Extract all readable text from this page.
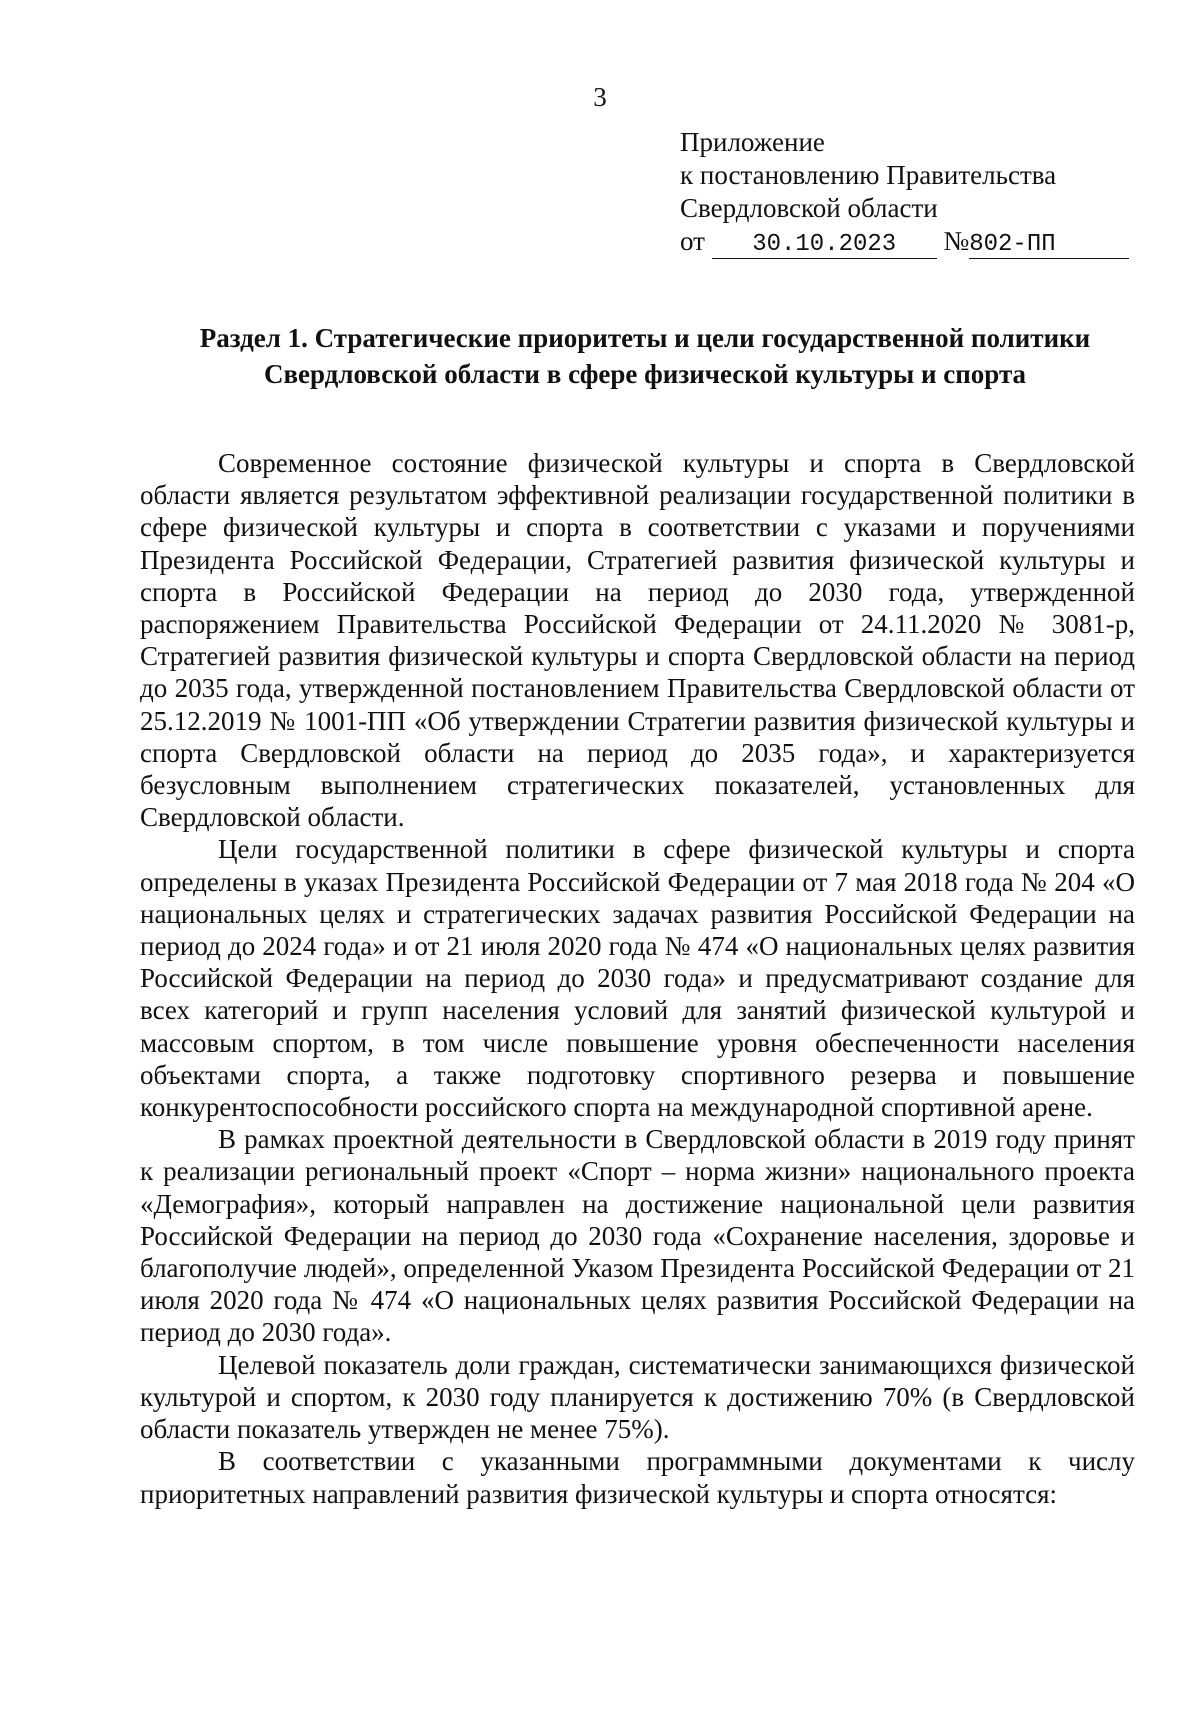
3
Приложение
к постановлению Правительства
Свердловской области
от 30.10.2023 №802-ПП
Раздел 1. Стратегические приоритеты и цели государственной политики
Свердловской области в сфере физической культуры и спорта

Современное состояние физической культуры и спорта в Свердловской области является результатом эффективной реализации государственной политики в сфере физической культуры и спорта в соответствии с указами и поручениями Президента Российской Федерации, Стратегией развития физической культуры и спорта в Российской Федерации на период до 2030 года, утвержденной распоряжением Правительства Российской Федерации от 24.11.2020 № 3081-р, Стратегией развития физической культуры и спорта Свердловской области на период до 2035 года, утвержденной постановлением Правительства Свердловской области от 25.12.2019 № 1001-ПП «Об утверждении Стратегии развития физической культуры и спорта Свердловской области на период до 2035 года», и характеризуется безусловным выполнением стратегических показателей, установленных для Свердловской области.

Цели государственной политики в сфере физической культуры и спорта определены в указах Президента Российской Федерации от 7 мая 2018 года № 204 «О национальных целях и стратегических задачах развития Российской Федерации на период до 2024 года» и от 21 июля 2020 года № 474 «О национальных целях развития Российской Федерации на период до 2030 года» и предусматривают создание для всех категорий и групп населения условий для занятий физической культурой и массовым спортом, в том числе повышение уровня обеспеченности населения объектами спорта, а также подготовку спортивного резерва и повышение конкурентоспособности российского спорта на международной спортивной арене.

В рамках проектной деятельности в Свердловской области в 2019 году принят к реализации региональный проект «Спорт – норма жизни» национального проекта «Демография», который направлен на достижение национальной цели развития Российской Федерации на период до 2030 года «Сохранение населения, здоровье и благополучие людей», определенной Указом Президента Российской Федерации от 21 июля 2020 года № 474 «О национальных целях развития Российской Федерации на период до 2030 года».

Целевой показатель доли граждан, систематически занимающихся физической культурой и спортом, к 2030 году планируется к достижению 70% (в Свердловской области показатель утвержден не менее 75%).

В соответствии с указанными программными документами к числу приоритетных направлений развития физической культуры и спорта относятся:
